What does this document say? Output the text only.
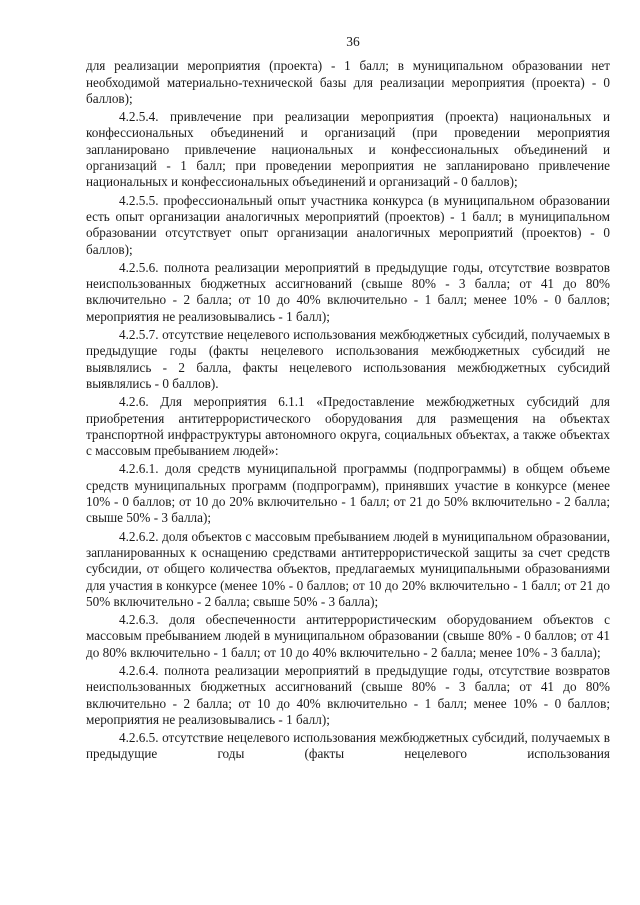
36

для реализации мероприятия (проекта) - 1 балл; в муниципальном образовании нет необходимой материально-технической базы для реализации мероприятия (проекта) - 0 баллов);

4.2.5.4. привлечение при реализации мероприятия (проекта) национальных и конфессиональных объединений и организаций (при проведении мероприятия запланировано привлечение национальных и конфессиональных объединений и организаций - 1 балл; при проведении мероприятия не запланировано привлечение национальных и конфессиональных объединений и организаций - 0 баллов);

4.2.5.5. профессиональный опыт участника конкурса (в муниципальном образовании есть опыт организации аналогичных мероприятий (проектов) - 1 балл; в муниципальном образовании отсутствует опыт организации аналогичных мероприятий (проектов) - 0 баллов);

4.2.5.6. полнота реализации мероприятий в предыдущие годы, отсутствие возвратов неиспользованных бюджетных ассигнований (свыше 80% - 3 балла; от 41 до 80% включительно - 2 балла; от 10 до 40% включительно - 1 балл; менее 10% - 0 баллов; мероприятия не реализовывались - 1 балл);

4.2.5.7. отсутствие нецелевого использования межбюджетных субсидий, получаемых в предыдущие годы (факты нецелевого использования межбюджетных субсидий не выявлялись - 2 балла, факты нецелевого использования межбюджетных субсидий выявлялись - 0 баллов).

4.2.6. Для мероприятия 6.1.1 «Предоставление межбюджетных субсидий для приобретения антитеррористического оборудования для размещения на объектах транспортной инфраструктуры автономного округа, социальных объектах, а также объектах с массовым пребыванием людей»:

4.2.6.1. доля средств муниципальной программы (подпрограммы) в общем объеме средств муниципальных программ (подпрограмм), принявших участие в конкурсе (менее 10% - 0 баллов; от 10 до 20% включительно - 1 балл; от 21 до 50% включительно - 2 балла; свыше 50% - 3 балла);

4.2.6.2. доля объектов с массовым пребыванием людей в муниципальном образовании, запланированных к оснащению средствами антитеррористической защиты за счет средств субсидии, от общего количества объектов, предлагаемых муниципальными образованиями для участия в конкурсе (менее 10% - 0 баллов; от 10 до 20% включительно - 1 балл; от 21 до 50% включительно - 2 балла; свыше 50% - 3 балла);

4.2.6.3. доля обеспеченности антитеррористическим оборудованием объектов с массовым пребыванием людей в муниципальном образовании (свыше 80% - 0 баллов; от 41 до 80% включительно - 1 балл; от 10 до 40% включительно - 2 балла; менее 10% - 3 балла);

4.2.6.4. полнота реализации мероприятий в предыдущие годы, отсутствие возвратов неиспользованных бюджетных ассигнований (свыше 80% - 3 балла; от 41 до 80% включительно - 2 балла; от 10 до 40% включительно - 1 балл; менее 10% - 0 баллов; мероприятия не реализовывались - 1 балл);

4.2.6.5. отсутствие нецелевого использования межбюджетных субсидий, получаемых в предыдущие годы (факты нецелевого использования
